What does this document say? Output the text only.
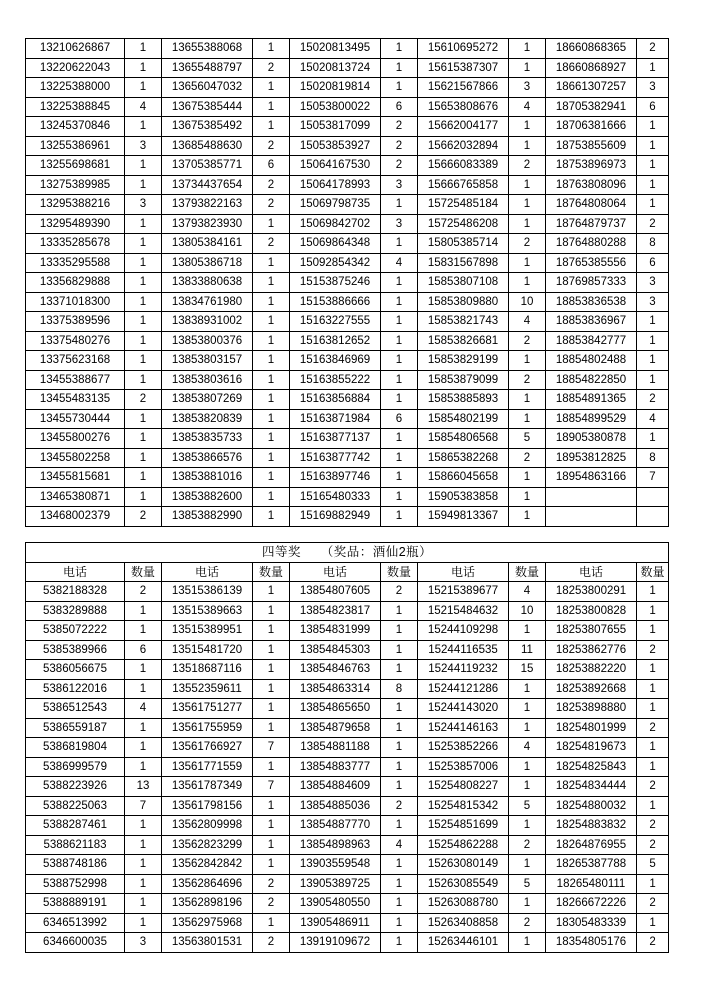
13210626867	1	13655388068	1	15020813495	1	15610695272	1	18660868365	2
13220622043	1	13655488797	2	15020813724	1	15615387307	1	18660868927	1
13225388000	1	13656047032	1	15020819814	1	15621567866	3	18661307257	3
13225388845	4	13675385444	1	15053800022	6	15653808676	4	18705382941	6
13245370846	1	13675385492	1	15053817099	2	15662004177	1	18706381666	1
13255386961	3	13685488630	2	15053853927	2	15662032894	1	18753855609	1
13255698681	1	13705385771	6	15064167530	2	15666083389	2	18753896973	1
13275389985	1	13734437654	2	15064178993	3	15666765858	1	18763808096	1
13295388216	3	13793822163	2	15069798735	1	15725485184	1	18764808064	1
13295489390	1	13793823930	1	15069842702	3	15725486208	1	18764879737	2
13335285678	1	13805384161	2	15069864348	1	15805385714	2	18764880288	8
13335295588	1	13805386718	1	15092854342	4	15831567898	1	18765385556	6
13356829888	1	13833880638	1	15153875246	1	15853807108	1	18769857333	3
13371018300	1	13834761980	1	15153886666	1	15853809880	10	18853836538	3
13375389596	1	13838931002	1	15163227555	1	15853821743	4	18853836967	1
13375480276	1	13853800376	1	15163812652	1	15853826681	2	18853842777	1
13375623168	1	13853803157	1	15163846969	1	15853829199	1	18854802488	1
13455388677	1	13853803616	1	15163855222	1	15853879099	2	18854822850	1
13455483135	2	13853807269	1	15163856884	1	15853885893	1	18854891365	2
13455730444	1	13853820839	1	15163871984	6	15854802199	1	18854899529	4
13455800276	1	13853835733	1	15163877137	1	15854806568	5	18905380878	1
13455802258	1	13853866576	1	15163877742	1	15865382268	2	18953812825	8
13455815681	1	13853881016	1	15163897746	1	15866045658	1	18954863166	7
13465380871	1	13853882600	1	15165480333	1	15905383858	1		
13468002379	2	13853882990	1	15169882949	1	15949813367	1		
四等奖　　（奖品：酒仙2瓶）									
电话	数量	电话	数量	电话	数量	电话	数量	电话	数量
5382188328	2	13515386139	1	13854807605	2	15215389677	4	18253800291	1
5383289888	1	13515389663	1	13854823817	1	15215484632	10	18253800828	1
5385072222	1	13515389951	1	13854831999	1	15244109298	1	18253807655	1
5385389966	6	13515481720	1	13854845303	1	15244116535	11	18253862776	2
5386056675	1	13518687116	1	13854846763	1	15244119232	15	18253882220	1
5386122016	1	13552359611	1	13854863314	8	15244121286	1	18253892668	1
5386512543	4	13561751277	1	13854865650	1	15244143020	1	18253898880	1
5386559187	1	13561755959	1	13854879658	1	15244146163	1	18254801999	2
5386819804	1	13561766927	7	13854881188	1	15253852266	4	18254819673	1
5386999579	1	13561771559	1	13854883777	1	15253857006	1	18254825843	1
5388223926	13	13561787349	7	13854884609	1	15254808227	1	18254834444	2
5388225063	7	13561798156	1	13854885036	2	15254815342	5	18254880032	1
5388287461	1	13562809998	1	13854887770	1	15254851699	1	18254883832	2
5388621183	1	13562823299	1	13854898963	4	15254862288	2	18264876955	2
5388748186	1	13562842842	1	13903559548	1	15263080149	1	18265387788	5
5388752998	1	13562864696	2	13905389725	1	15263085549	5	18265480111	1
5388889191	1	13562898196	2	13905480550	1	15263088780	1	18266672226	2
6346513992	1	13562975968	1	13905486911	1	15263408858	2	18305483339	1
6346600035	3	13563801531	2	13919109672	1	15263446101	1	18354805176	2
